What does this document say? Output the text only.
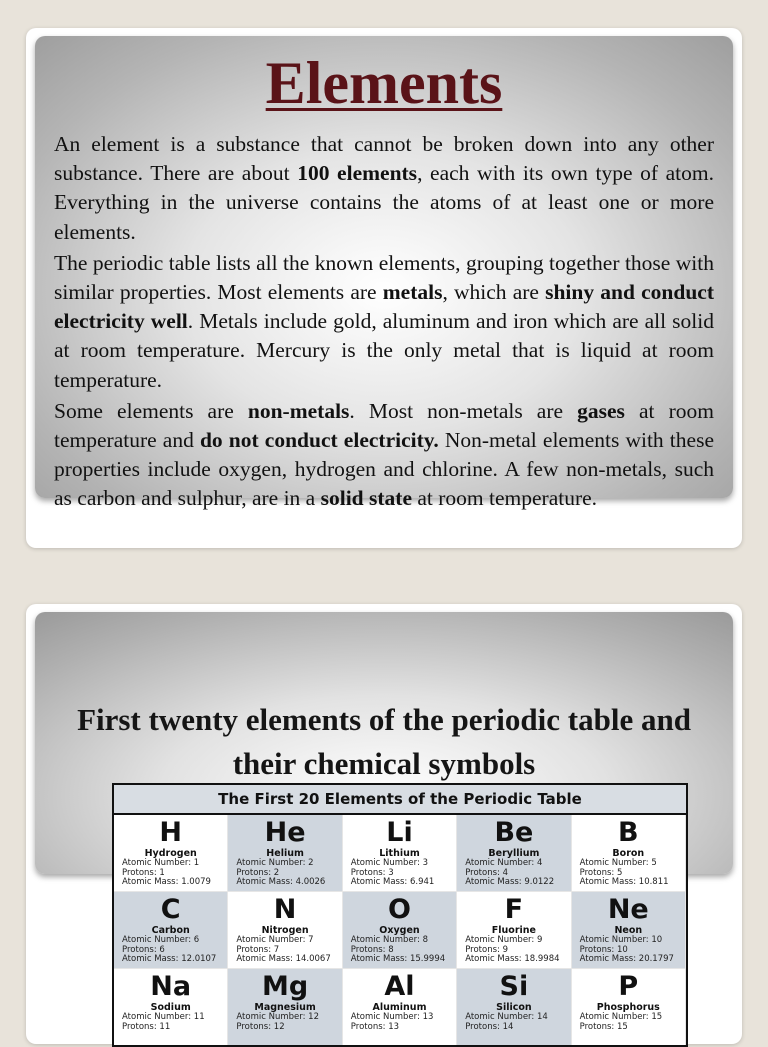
Elements

An element is a substance that cannot be broken down into any other substance. There are about 100 elements, each with its own type of atom. Everything in the universe contains the atoms of at least one or more elements.

The periodic table lists all the known elements, grouping together those with similar properties. Most elements are metals, which are shiny and conduct electricity well. Metals include gold, aluminum and iron which are all solid at room temperature. Mercury is the only metal that is liquid at room temperature.

Some elements are non-metals. Most non-metals are gases at room temperature and do not conduct electricity. Non-metal elements with these properties include oxygen, hydrogen and chlorine. A few non-metals, such as carbon and sulphur, are in a solid state at room temperature.

First twenty elements of the periodic table and
their chemical symbols
The First 20 Elements of the Periodic Table
H
Hydrogen
Atomic Number: 1
Protons: 1
Atomic Mass: 1.0079
He
Helium
Atomic Number: 2
Protons: 2
Atomic Mass: 4.0026
Li
Lithium
Atomic Number: 3
Protons: 3
Atomic Mass: 6.941
Be
Beryllium
Atomic Number: 4
Protons: 4
Atomic Mass: 9.0122
B
Boron
Atomic Number: 5
Protons: 5
Atomic Mass: 10.811
C
Carbon
Atomic Number: 6
Protons: 6
Atomic Mass: 12.0107
N
Nitrogen
Atomic Number: 7
Protons: 7
Atomic Mass: 14.0067
O
Oxygen
Atomic Number: 8
Protons: 8
Atomic Mass: 15.9994
F
Fluorine
Atomic Number: 9
Protons: 9
Atomic Mass: 18.9984
Ne
Neon
Atomic Number: 10
Protons: 10
Atomic Mass: 20.1797
Na
Sodium
Atomic Number: 11
Protons: 11
Mg
Magnesium
Atomic Number: 12
Protons: 12
Al
Aluminum
Atomic Number: 13
Protons: 13
Si
Silicon
Atomic Number: 14
Protons: 14
P
Phosphorus
Atomic Number: 15
Protons: 15
